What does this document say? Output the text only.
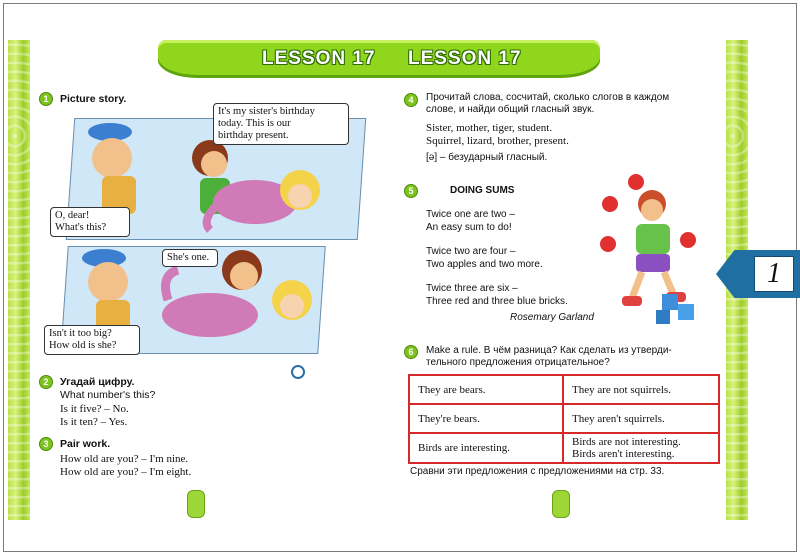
LESSON 17 LESSON 17
1	Picture story.
It's my sister's birthday
today. This is our
birthday present.
O, dear!
What's this?
She's one.
Isn't it too big?
How old is she?
2	Угадай цифру.
What number's this?
Is it five? – No.
Is it ten? – Yes.
3	Pair work.
How old are you? – I'm nine.
How old are you? – I'm eight.
4	Прочитай слова, сосчитай, сколько слогов в каждом
слове, и найди общий гласный звук.
Sister, mother, tiger, student.
Squirrel, lizard, brother, present.
[ә] – безударный гласный.
5	DOING SUMS
Twice one are two –
An easy sum to do!
Twice two are four –
Two apples and two more.
Twice three are six –
Three red and three blue bricks.
Rosemary Garland
6	Make a rule. В чём разница? Как сделать из утверди-
тельного предложения отрицательное?
They are bears.	They are not squirrels.
They're bears.	They aren't squirrels.
Birds are interesting.	Birds are not interesting.
Birds aren't interesting.
Сравни эти предложения с предложениями на стр. 33.
1
